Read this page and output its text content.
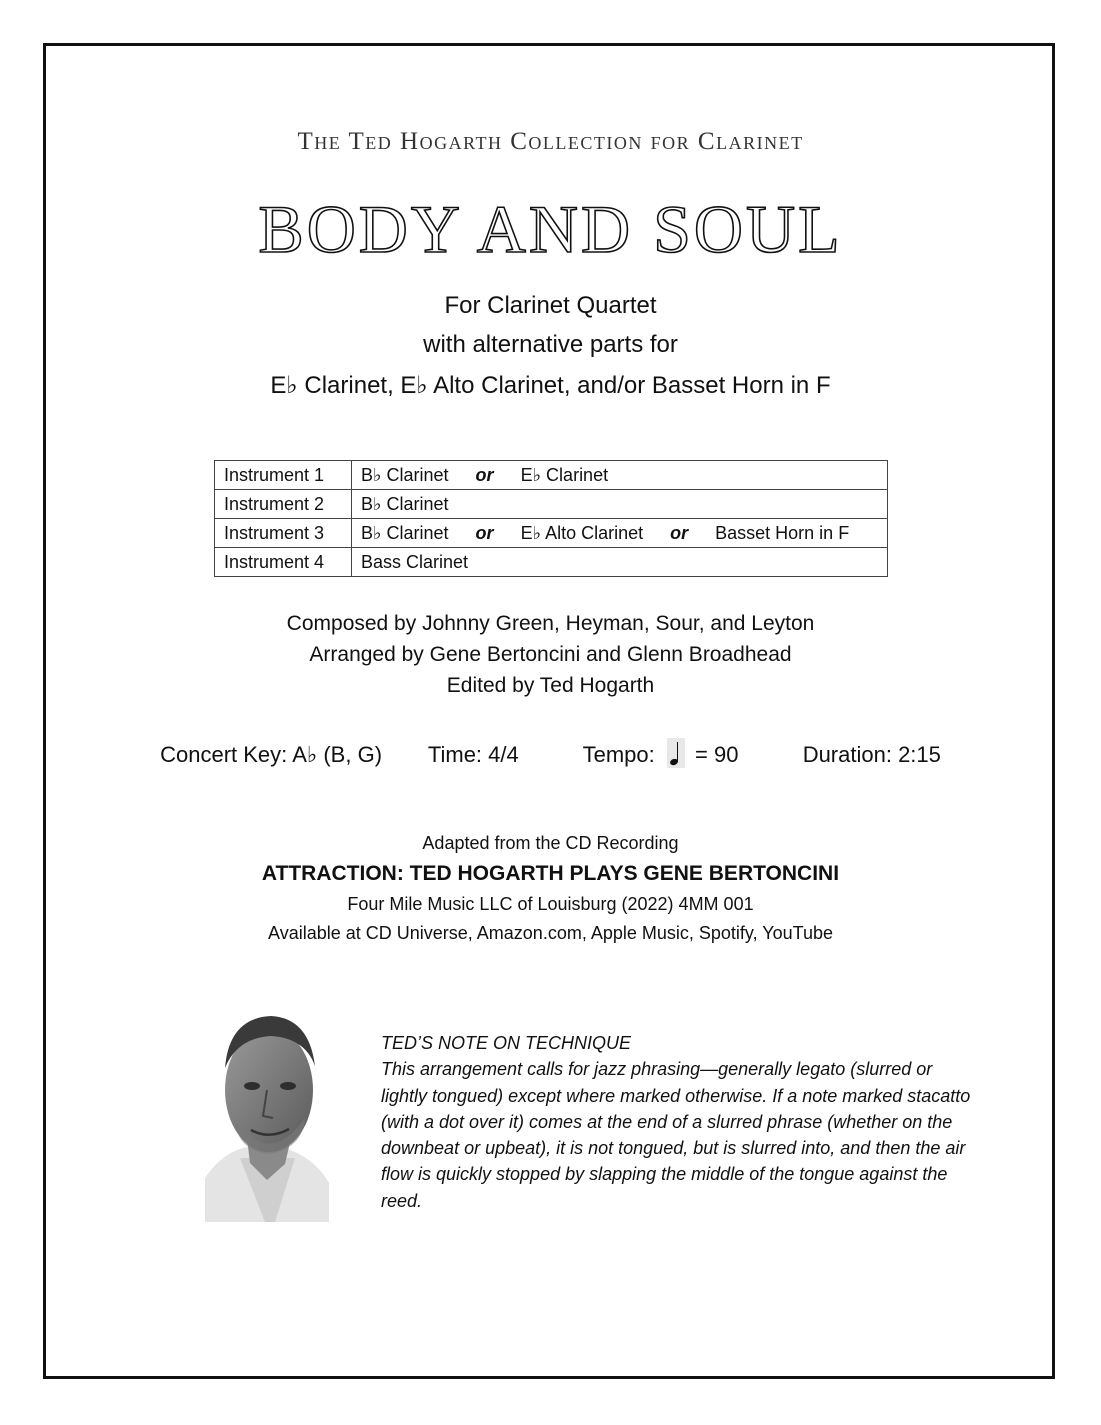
The Ted Hogarth Collection for Clarinet
BODY AND SOUL
For Clarinet Quartet
with alternative parts for
E♭ Clarinet, E♭ Alto Clarinet, and/or Basset Horn in F
Instrument 1	B♭ Clarinet or E♭ Clarinet
Instrument 2	B♭ Clarinet
Instrument 3	B♭ Clarinet or E♭ Alto Clarinet or Basset Horn in F
Instrument 4	Bass Clarinet
Composed by Johnny Green, Heyman, Sour, and Leyton
Arranged by Gene Bertoncini and Glenn Broadhead
Edited by Ted Hogarth
Concert Key: A♭ (B, G) Time: 4/4	Tempo: = 90	Duration: 2:15
Adapted from the CD Recording
ATTRACTION: TED HOGARTH PLAYS GENE BERTONCINI
Four Mile Music LLC of Louisburg (2022) 4MM 001
Available at CD Universe, Amazon.com, Apple Music, Spotify, YouTube
TED’S NOTE ON TECHNIQUE
This arrangement calls for jazz phrasing—generally legato (slurred or lightly tongued) except where marked otherwise. If a note marked stacatto (with a dot over it) comes at the end of a slurred phrase (whether on the downbeat or upbeat), it is not tongued, but is slurred into, and then the air flow is quickly stopped by slapping the middle of the tongue against the reed.
